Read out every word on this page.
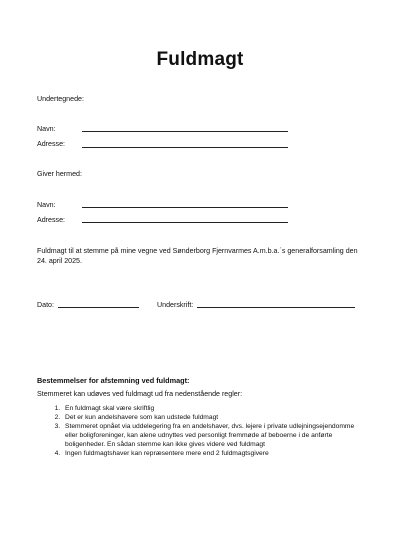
Fuldmagt
Undertegnede:
Navn:
Adresse:
Giver hermed:
Navn:
Adresse:
Fuldmagt til at stemme på mine vegne ved Sønderborg Fjernvarmes A.m.b.a.´s generalforsamling den 24. april 2025.
Dato:	Underskrift:
Bestemmelser for afstemning ved fuldmagt:
Stemmeret kan udøves ved fuldmagt ud fra nedenstående regler:
1. En fuldmagt skal være skriftlig
2. Det er kun andelshavere som kan udstede fuldmagt
3. Stemmeret opnået via uddelegering fra en andelshaver, dvs. lejere i private udlejningsejendomme eller boligforeninger, kan alene udnyttes ved personligt fremmøde af beboerne i de anførte boligenheder. En sådan stemme kan ikke gives videre ved fuldmagt
4. Ingen fuldmagtshaver kan repræsentere mere end 2 fuldmagtsgivere
